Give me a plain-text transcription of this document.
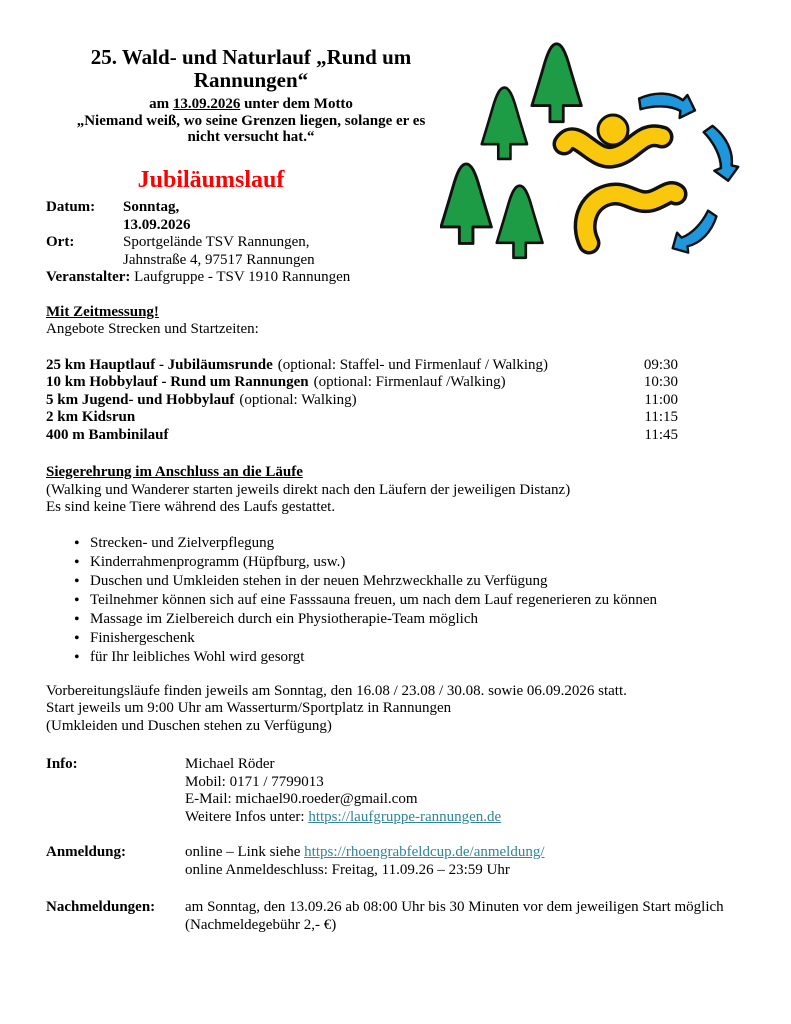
25. Wald- und Naturlauf „Rund um
Rannungen“
am 13.09.2026 unter dem Motto
„Niemand weiß, wo seine Grenzen liegen, solange er es
nicht versucht hat.“
Jubiläumslauf
Datum:	Sonntag, 13.09.2026
Ort:	Sportgelände TSV Rannungen,
Jahnstraße 4, 97517 Rannungen
Veranstalter: Laufgruppe - TSV 1910 Rannungen
Mit Zeitmessung!
Angebote Strecken und Startzeiten:
25 km Hauptlauf - Jubiläumsrunde (optional: Staffel- und Firmenlauf / Walking)	09:30
10 km Hobbylauf - Rund um Rannungen (optional: Firmenlauf /Walking)	10:30
5 km Jugend- und Hobbylauf (optional: Walking)	11:00
2 km Kidsrun	11:15
400 m Bambinilauf	11:45
Siegerehrung im Anschluss an die Läufe
(Walking und Wanderer starten jeweils direkt nach den Läufern der jeweiligen Distanz)
Es sind keine Tiere während des Laufs gestattet.
• Strecken- und Zielverpflegung
• Kinderrahmenprogramm (Hüpfburg, usw.)
• Duschen und Umkleiden stehen in der neuen Mehrzweckhalle zu Verfügung
• Teilnehmer können sich auf eine Fasssauna freuen, um nach dem Lauf regenerieren zu können
• Massage im Zielbereich durch ein Physiotherapie-Team möglich
• Finishergeschenk
• für Ihr leibliches Wohl wird gesorgt
Vorbereitungsläufe finden jeweils am Sonntag, den 16.08 / 23.08 / 30.08. sowie 06.09.2026 statt.
Start jeweils um 9:00 Uhr am Wasserturm/Sportplatz in Rannungen
(Umkleiden und Duschen stehen zu Verfügung)
Info:	Michael Röder
Mobil: 0171 / 7799013
E-Mail: michael90.roeder@gmail.com
Weitere Infos unter: https://laufgruppe-rannungen.de
Anmeldung:	online – Link siehe https://rhoengrabfeldcup.de/anmeldung/
online Anmeldeschluss: Freitag, 11.09.26 – 23:59 Uhr
Nachmeldungen:	am Sonntag, den 13.09.26 ab 08:00 Uhr bis 30 Minuten vor dem jeweiligen Start möglich
(Nachmeldegebühr 2,- €)
